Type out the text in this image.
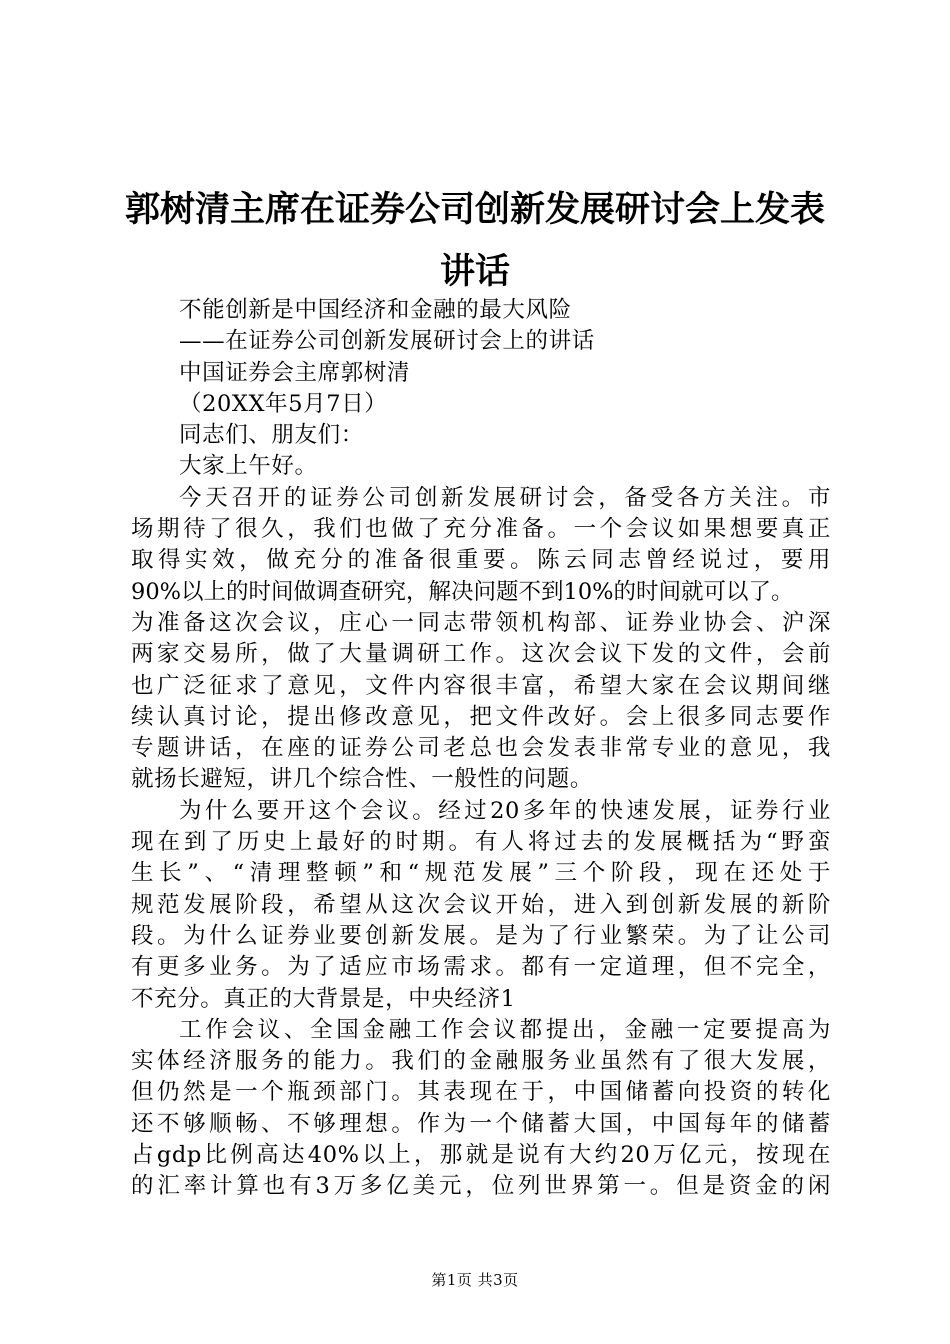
郭树清主席在证券公司创新发展研讨会上发表
讲话
不能创新是中国经济和金融的最大风险
——在证券公司创新发展研讨会上的讲话
中国证券会主席郭树清
（20XX年5月7日）
同志们、朋友们：
大家上午好。
今天召开的证券公司创新发展研讨会，备受各方关注。市
场期待了很久，我们也做了充分准备。一个会议如果想要真正
取得实效，做充分的准备很重要。陈云同志曾经说过，要用
90%以上的时间做调查研究，解决问题不到10%的时间就可以了。
为准备这次会议，庄心一同志带领机构部、证券业协会、沪深
两家交易所，做了大量调研工作。这次会议下发的文件，会前
也广泛征求了意见，文件内容很丰富，希望大家在会议期间继
续认真讨论，提出修改意见，把文件改好。会上很多同志要作
专题讲话，在座的证券公司老总也会发表非常专业的意见，我
就扬长避短，讲几个综合性、一般性的问题。
为什么要开这个会议。经过20多年的快速发展，证券行业
现在到了历史上最好的时期。有人将过去的发展概括为“野蛮
生长”、“清理整顿”和“规范发展”三个阶段，现在还处于
规范发展阶段，希望从这次会议开始，进入到创新发展的新阶
段。为什么证券业要创新发展。是为了行业繁荣。为了让公司
有更多业务。为了适应市场需求。都有一定道理，但不完全，
不充分。真正的大背景是，中央经济1
工作会议、全国金融工作会议都提出，金融一定要提高为
实体经济服务的能力。我们的金融服务业虽然有了很大发展，
但仍然是一个瓶颈部门。其表现在于，中国储蓄向投资的转化
还不够顺畅、不够理想。作为一个储蓄大国，中国每年的储蓄
占gdp比例高达40%以上，那就是说有大约20万亿元，按现在
的汇率计算也有3万多亿美元，位列世界第一。但是资金的闲
第1页 共3页
